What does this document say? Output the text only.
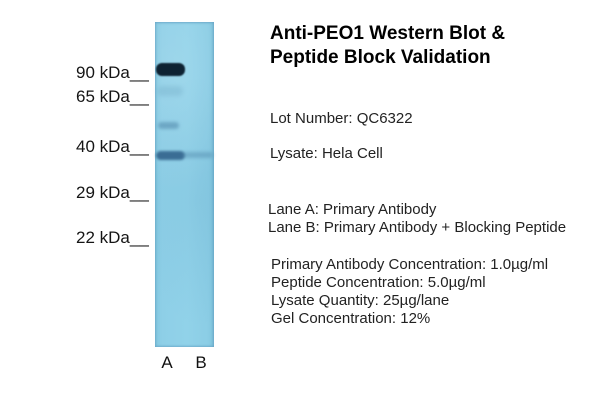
90 kDa__
65 kDa__
40 kDa__
29 kDa__
22 kDa__
A B
Anti-PEO1 Western Blot &
Peptide Block Validation
Lot Number: QC6322
Lysate: Hela Cell
Lane A: Primary Antibody
Lane B: Primary Antibody + Blocking Peptide
Primary Antibody Concentration: 1.0µg/ml
Peptide Concentration: 5.0µg/ml
Lysate Quantity: 25µg/lane
Gel Concentration: 12%
